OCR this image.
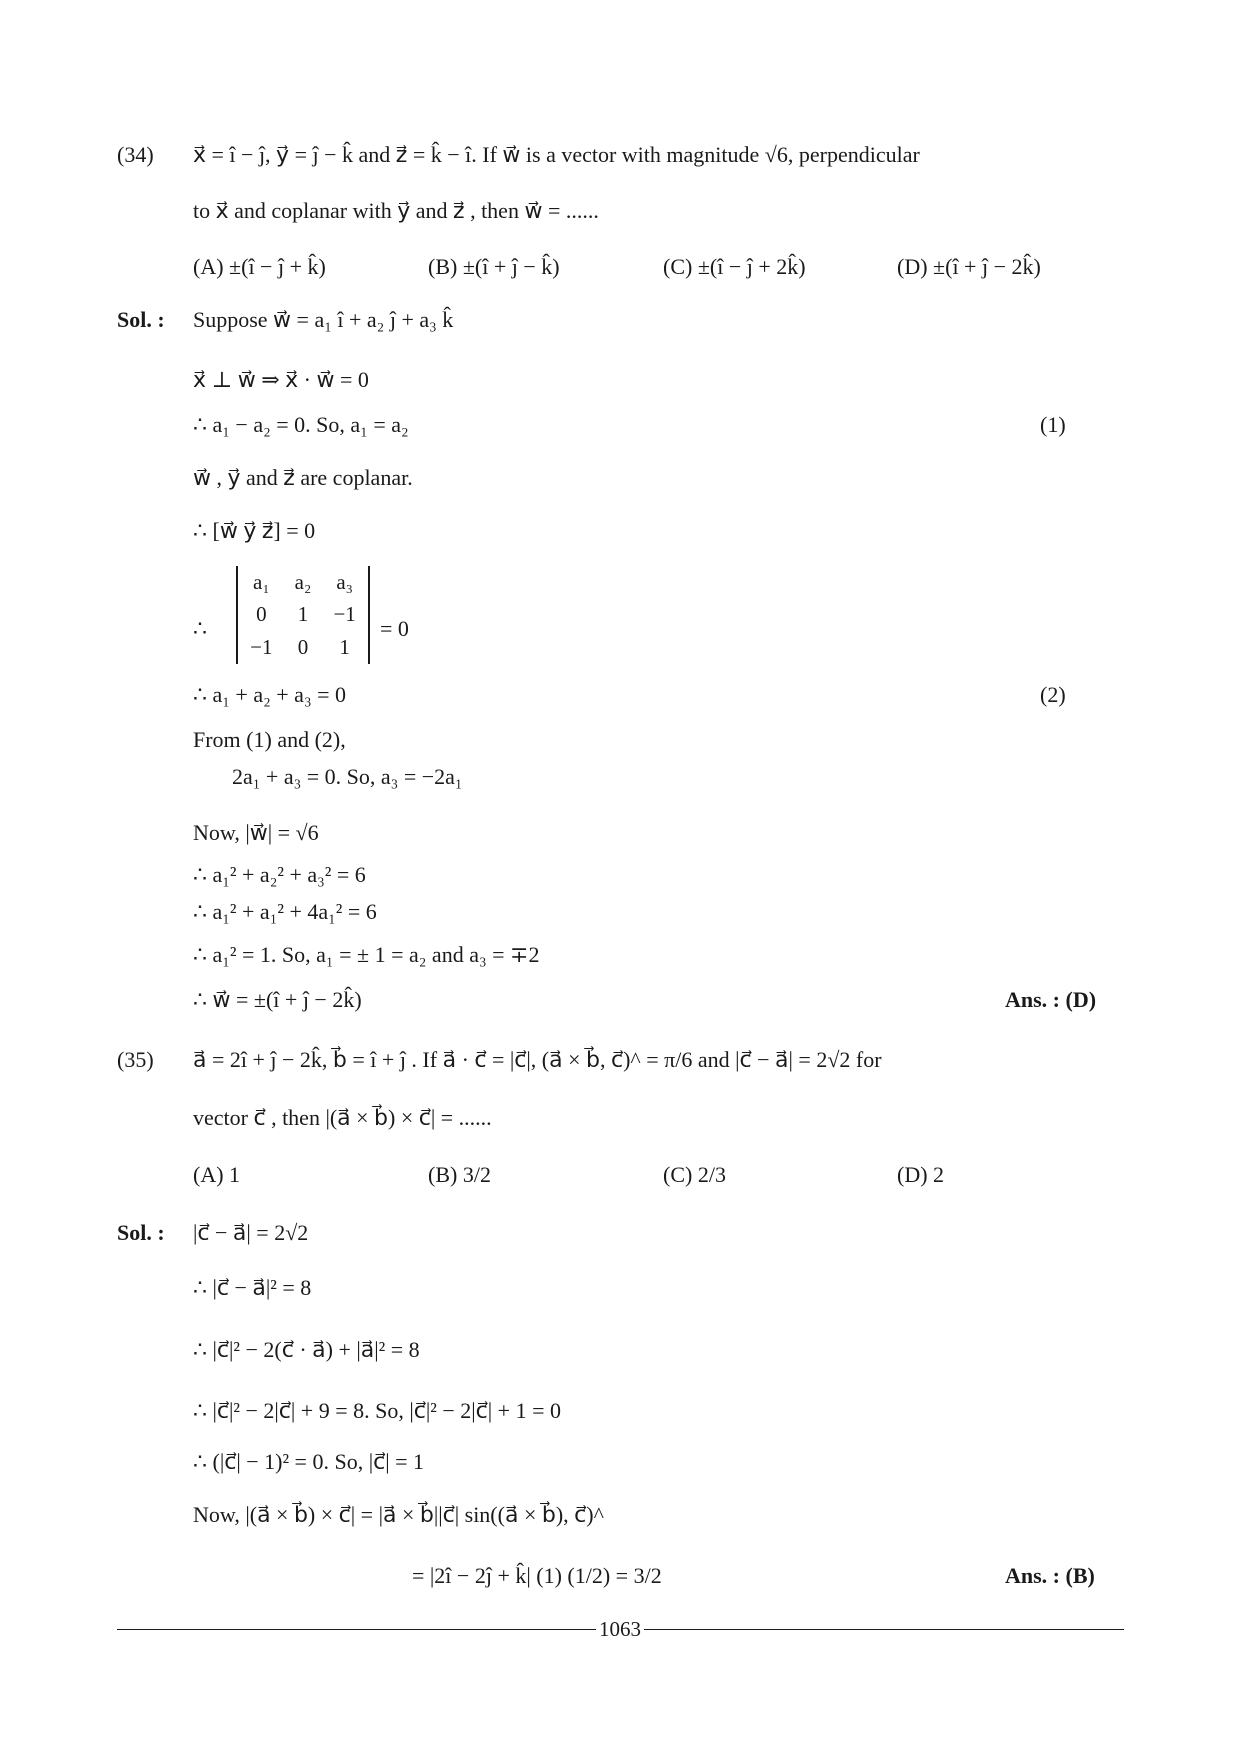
(34) x⃗ = î − ĵ, y⃗ = ĵ − k̂ and z⃗ = k̂ − î. If w⃗ is a vector with magnitude √6, perpendicular
to x⃗ and coplanar with y⃗ and z⃗ , then w⃗ = ......
(A) ±(î − ĵ + k̂)	(B) ±(î + ĵ − k̂)	(C) ±(î − ĵ + 2k̂)	(D) ±(î + ĵ − 2k̂)
Sol. : Suppose w⃗ = a₁ î + a₂ ĵ + a₃ k̂
x⃗ ⊥ w⃗ ⇒ x⃗ · w⃗ = 0
∴ a₁ − a₂ = 0. So, a₁ = a₂	(1)
w⃗ , y⃗ and z⃗ are coplanar.
∴ [w⃗ y⃗ z⃗] = 0
∴
a₁	a₂	a₃
0	1	−1
−1	0	1
= 0
∴ a₁ + a₂ + a₃ = 0	(2)
From (1) and (2),
2a₁ + a₃ = 0. So, a₃ = −2a₁
Now, |w⃗| = √6
∴ a₁² + a₂² + a₃² = 6
∴ a₁² + a₁² + 4a₁² = 6
∴ a₁² = 1. So, a₁ = ± 1 = a₂ and a₃ = ∓2
∴ w⃗ = ±(î + ĵ − 2k̂)	Ans. : (D)
(35) a⃗ = 2î + ĵ − 2k̂, b⃗ = î + ĵ . If a⃗ · c⃗ = |c⃗|, (a⃗ × b⃗, c⃗)^ = π/6 and |c⃗ − a⃗| = 2√2 for
vector c⃗ , then |(a⃗ × b⃗) × c⃗| = ......
(A) 1	(B) 3/2	(C) 2/3	(D) 2
Sol. : |c⃗ − a⃗| = 2√2
∴ |c⃗ − a⃗|² = 8
∴ |c⃗|² − 2(c⃗ · a⃗) + |a⃗|² = 8
∴ |c⃗|² − 2|c⃗| + 9 = 8. So, |c⃗|² − 2|c⃗| + 1 = 0
∴ (|c⃗| − 1)² = 0. So, |c⃗| = 1
Now, |(a⃗ × b⃗) × c⃗| = |a⃗ × b⃗||c⃗| sin((a⃗ × b⃗), c⃗)^
= |2î − 2ĵ + k̂| (1) (1/2) = 3/2	Ans. : (B)
1063
